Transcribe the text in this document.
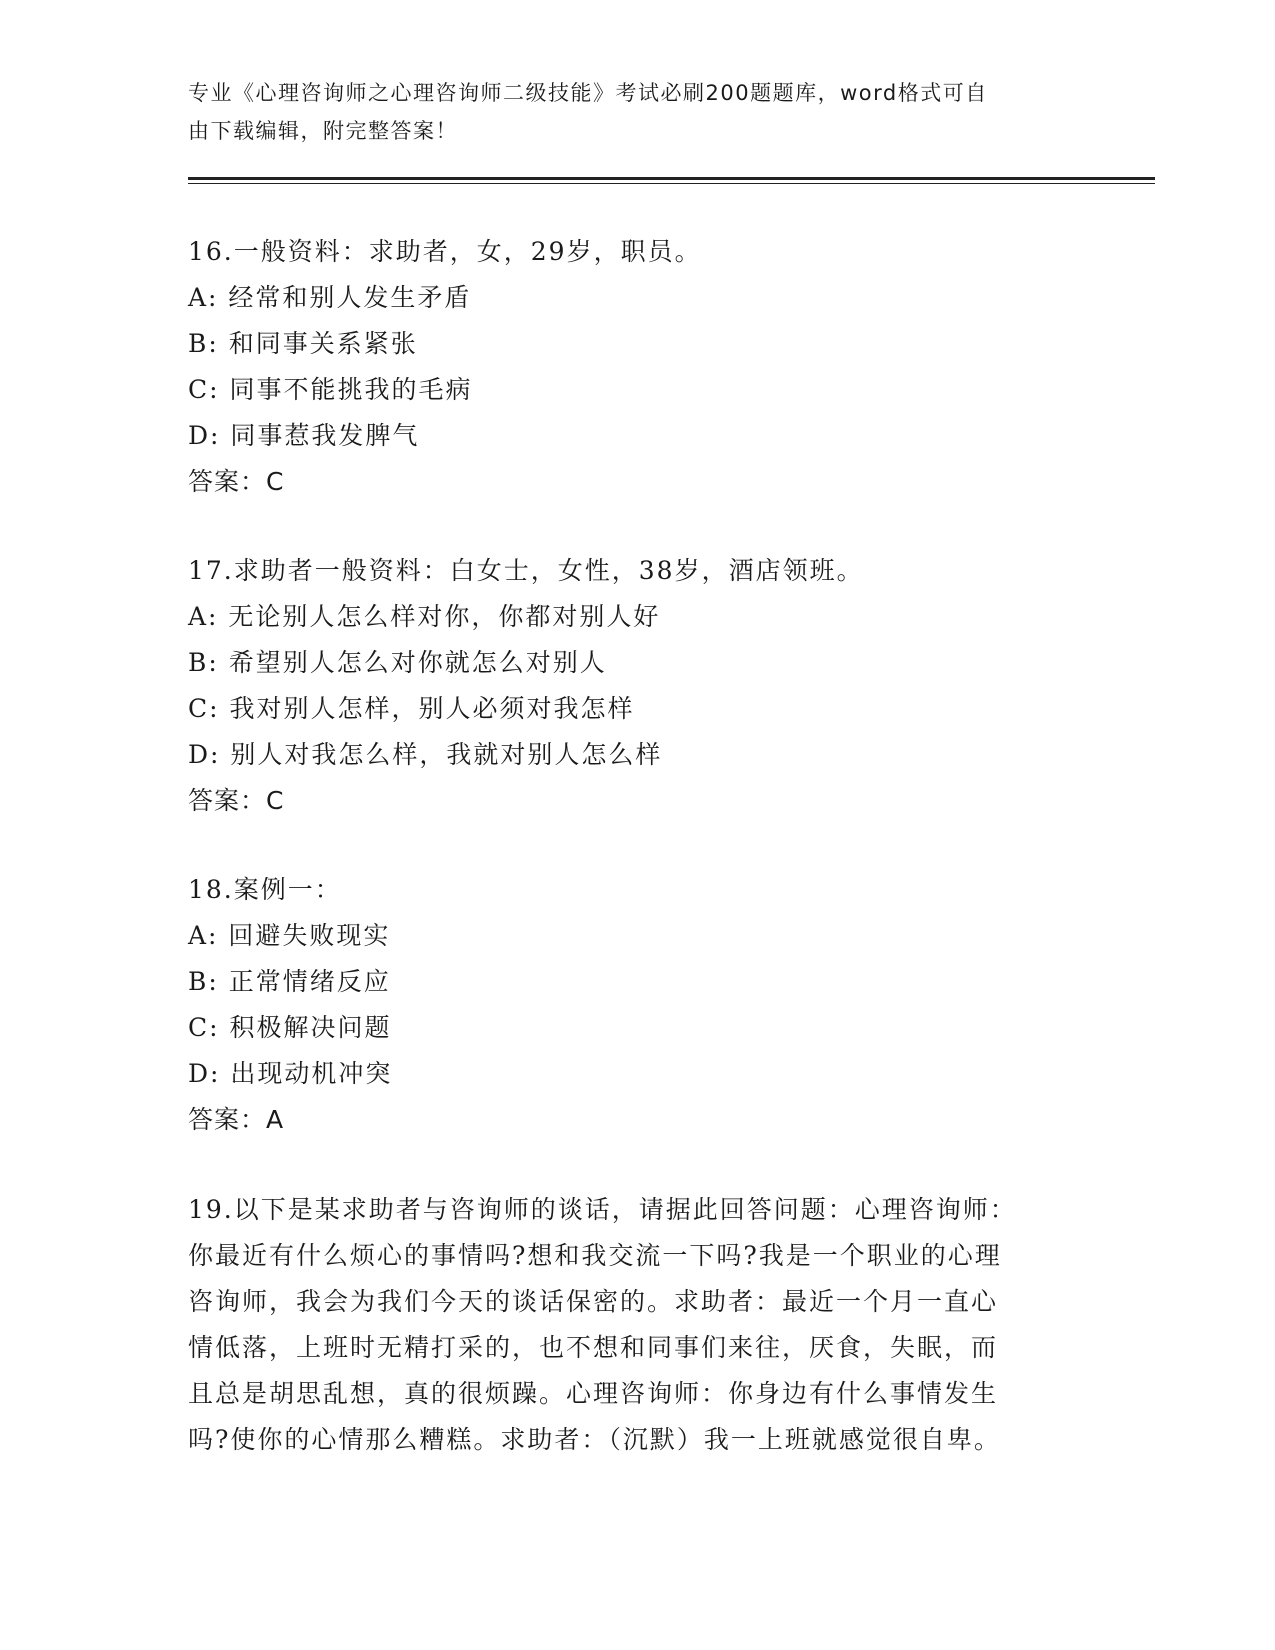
专业《心理咨询师之心理咨询师二级技能》考试必刷200题题库，word格式可自
由下载编辑，附完整答案！
16.一般资料：求助者，女，29岁，职员。
A: 经常和别人发生矛盾
B: 和同事关系紧张
C: 同事不能挑我的毛病
D: 同事惹我发脾气
答案：C
17.求助者一般资料：白女士，女性，38岁，酒店领班。
A: 无论别人怎么样对你，你都对别人好
B: 希望别人怎么对你就怎么对别人
C: 我对别人怎样，别人必须对我怎样
D: 别人对我怎么样，我就对别人怎么样
答案：C
18.案例一：
A: 回避失败现实
B: 正常情绪反应
C: 积极解决问题
D: 出现动机冲突
答案：A
19.以下是某求助者与咨询师的谈话，请据此回答问题：心理咨询师：
你最近有什么烦心的事情吗?想和我交流一下吗?我是一个职业的心理
咨询师，我会为我们今天的谈话保密的。求助者：最近一个月一直心
情低落，上班时无精打采的，也不想和同事们来往，厌食，失眠，而
且总是胡思乱想，真的很烦躁。心理咨询师：你身边有什么事情发生
吗?使你的心情那么糟糕。求助者：（沉默）我一上班就感觉很自卑。
